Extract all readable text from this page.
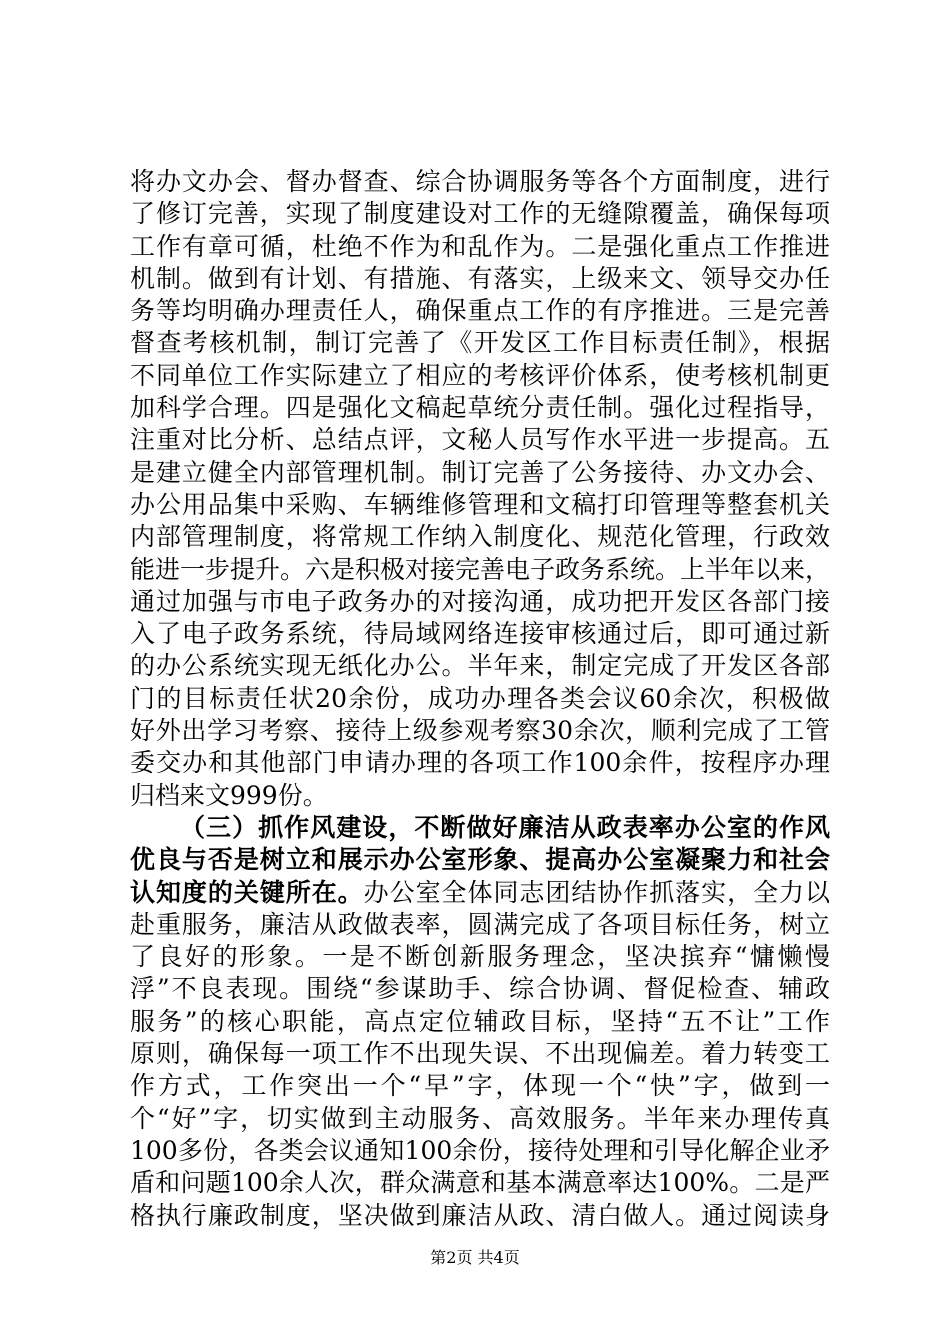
将办文办会、督办督查、综合协调服务等各个方面制度，进行
了修订完善，实现了制度建设对工作的无缝隙覆盖，确保每项
工作有章可循，杜绝不作为和乱作为。二是强化重点工作推进
机制。做到有计划、有措施、有落实，上级来文、领导交办任
务等均明确办理责任人，确保重点工作的有序推进。三是完善
督查考核机制，制订完善了《开发区工作目标责任制》，根据
不同单位工作实际建立了相应的考核评价体系，使考核机制更
加科学合理。四是强化文稿起草统分责任制。强化过程指导，
注重对比分析、总结点评，文秘人员写作水平进一步提高。五
是建立健全内部管理机制。制订完善了公务接待、办文办会、
办公用品集中采购、车辆维修管理和文稿打印管理等整套机关
内部管理制度，将常规工作纳入制度化、规范化管理，行政效
能进一步提升。六是积极对接完善电子政务系统。上半年以来，
通过加强与市电子政务办的对接沟通，成功把开发区各部门接
入了电子政务系统，待局域网络连接审核通过后，即可通过新
的办公系统实现无纸化办公。半年来，制定完成了开发区各部
门的目标责任状20余份，成功办理各类会议60余次，积极做
好外出学习考察、接待上级参观考察30余次，顺利完成了工管
委交办和其他部门申请办理的各项工作100余件，按程序办理
归档来文999份。
（三）抓作风建设，不断做好廉洁从政表率办公室的作风
优良与否是树立和展示办公室形象、提高办公室凝聚力和社会
认知度的关键所在。办公室全体同志团结协作抓落实，全力以
赴重服务，廉洁从政做表率，圆满完成了各项目标任务，树立
了良好的形象。一是不断创新服务理念，坚决摈弃“慵懒慢
浮”不良表现。围绕“参谋助手、综合协调、督促检查、辅政
服务”的核心职能，高点定位辅政目标，坚持“五不让”工作
原则，确保每一项工作不出现失误、不出现偏差。着力转变工
作方式，工作突出一个“早”字，体现一个“快”字，做到一
个“好”字，切实做到主动服务、高效服务。半年来办理传真
100多份，各类会议通知100余份，接待处理和引导化解企业矛
盾和问题100余人次，群众满意和基本满意率达100%。二是严
格执行廉政制度，坚决做到廉洁从政、清白做人。通过阅读身
第2页 共4页
